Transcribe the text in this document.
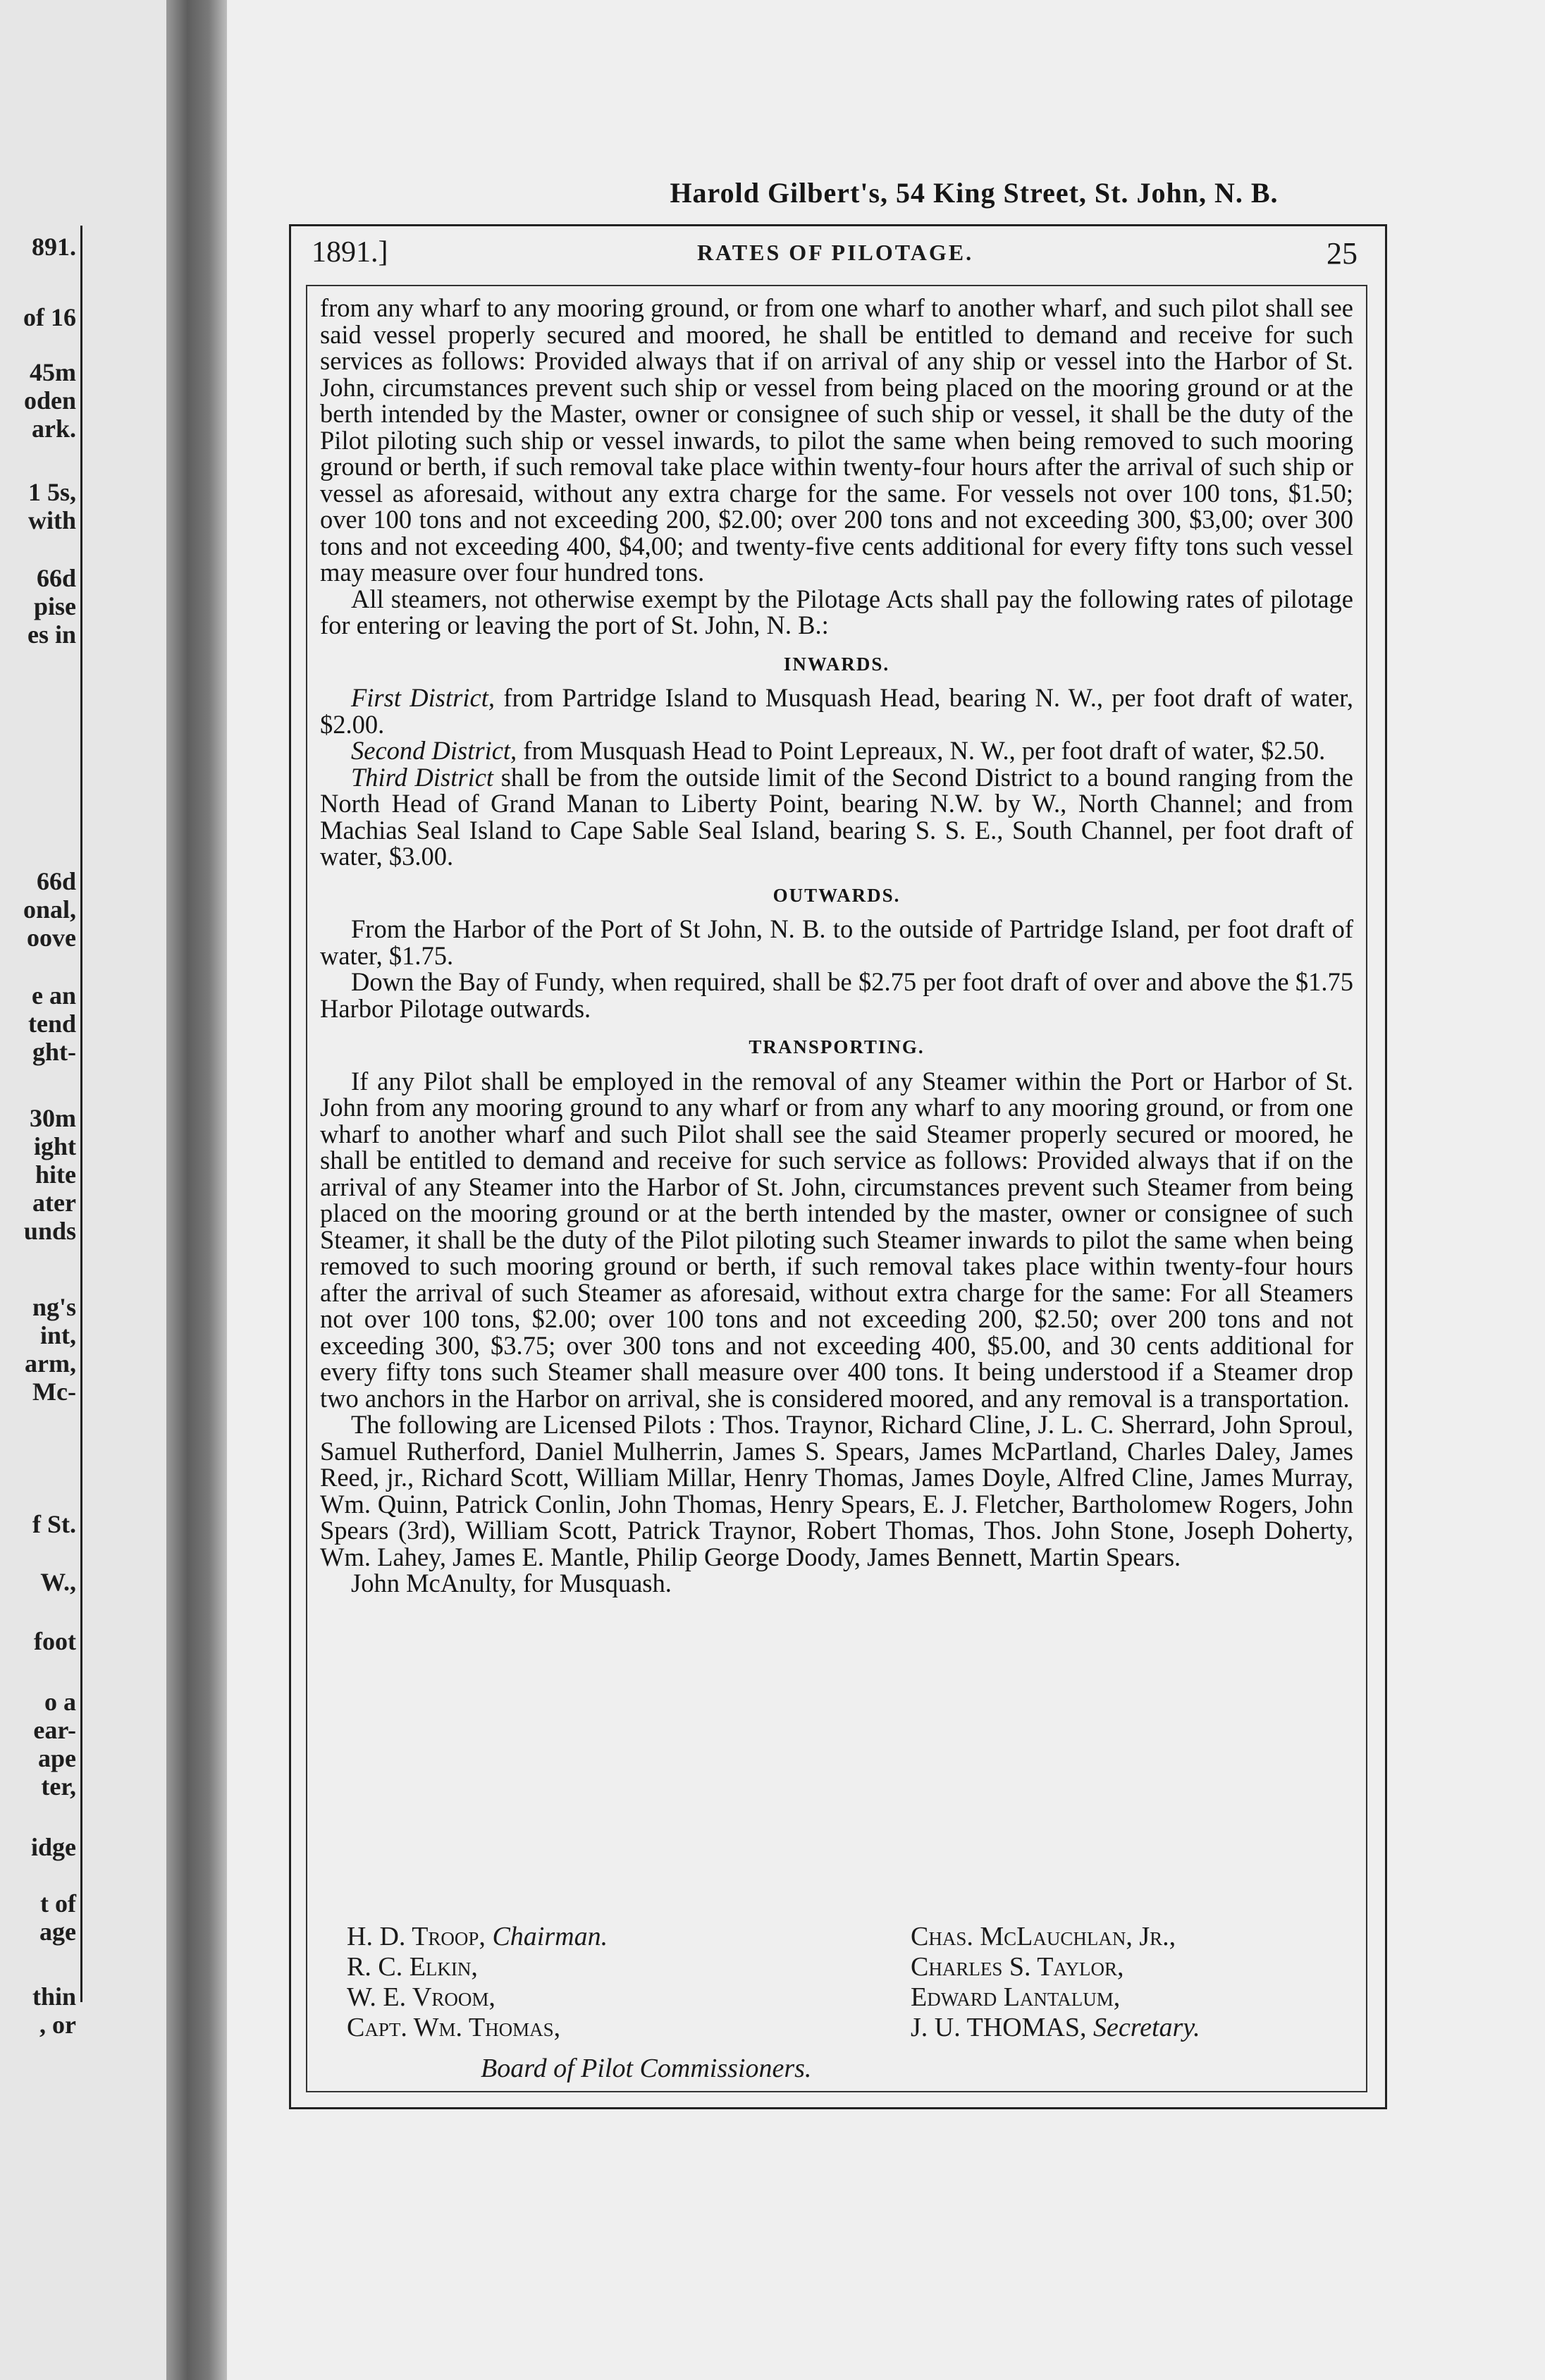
891.
of 16
45m
oden
ark.
1 5s,
with
66d
pise
es in
66d
onal,
oove
e an
tend
ght-
30m
ight
hite
ater
unds
ng's
int,
arm,
Mc-
f St.
W.,
foot
o a
ear-
ape
ter,
idge
t of
age
thin
, or
Harold Gilbert's, 54 King Street, St. John, N. B.
1891.]	RATES OF PILOTAGE.	25

from any wharf to any mooring ground, or from one wharf to another wharf, and such pilot shall see said vessel properly secured and moored, he shall be entitled to demand and receive for such services as follows: Provided always that if on arrival of any ship or vessel into the Harbor of St. John, circumstances prevent such ship or vessel from being placed on the mooring ground or at the berth intended by the Master, owner or consignee of such ship or vessel, it shall be the duty of the Pilot piloting such ship or vessel inwards, to pilot the same when being removed to such mooring ground or berth, if such removal take place within twenty-four hours after the arrival of such ship or vessel as aforesaid, without any extra charge for the same. For vessels not over 100 tons, $1.50; over 100 tons and not exceeding 200, $2.00; over 200 tons and not exceeding 300, $3,00; over 300 tons and not exceeding 400, $4,00; and twenty-five cents additional for every fifty tons such vessel may measure over four hundred tons.

All steamers, not otherwise exempt by the Pilotage Acts shall pay the following rates of pilotage for entering or leaving the port of St. John, N. B.:

INWARDS.

First District, from Partridge Island to Musquash Head, bearing N. W., per foot draft of water, $2.00.

Second District, from Musquash Head to Point Lepreaux, N. W., per foot draft of water, $2.50.

Third District shall be from the outside limit of the Second District to a bound ranging from the North Head of Grand Manan to Liberty Point, bearing N.W. by W., North Channel; and from Machias Seal Island to Cape Sable Seal Island, bearing S. S. E., South Channel, per foot draft of water, $3.00.

OUTWARDS.

From the Harbor of the Port of St John, N. B. to the outside of Partridge Island, per foot draft of water, $1.75.

Down the Bay of Fundy, when required, shall be $2.75 per foot draft of over and above the $1.75 Harbor Pilotage outwards.

TRANSPORTING.

If any Pilot shall be employed in the removal of any Steamer within the Port or Harbor of St. John from any mooring ground to any wharf or from any wharf to any mooring ground, or from one wharf to another wharf and such Pilot shall see the said Steamer properly secured or moored, he shall be entitled to demand and receive for such service as follows: Provided always that if on the arrival of any Steamer into the Harbor of St. John, circumstances prevent such Steamer from being placed on the mooring ground or at the berth intended by the master, owner or consignee of such Steamer, it shall be the duty of the Pilot piloting such Steamer inwards to pilot the same when being removed to such mooring ground or berth, if such removal takes place within twenty-four hours after the arrival of such Steamer as aforesaid, without extra charge for the same: For all Steamers not over 100 tons, $2.00; over 100 tons and not exceeding 200, $2.50; over 200 tons and not exceeding 300, $3.75; over 300 tons and not exceeding 400, $5.00, and 30 cents additional for every fifty tons such Steamer shall measure over 400 tons. It being understood if a Steamer drop two anchors in the Harbor on arrival, she is considered moored, and any removal is a transportation.

The following are Licensed Pilots : Thos. Traynor, Richard Cline, J. L. C. Sherrard, John Sproul, Samuel Rutherford, Daniel Mulherrin, James S. Spears, James McPartland, Charles Daley, James Reed, jr., Richard Scott, William Millar, Henry Thomas, James Doyle, Alfred Cline, James Murray, Wm. Quinn, Patrick Conlin, John Thomas, Henry Spears, E. J. Fletcher, Bartholomew Rogers, John Spears (3rd), William Scott, Patrick Traynor, Robert Thomas, Thos. John Stone, Joseph Doherty, Wm. Lahey, James E. Mantle, Philip George Doody, James Bennett, Martin Spears.

John McAnulty, for Musquash.

H. D. Troop, Chairman.
R. C. Elkin,
W. E. Vroom,
Capt. Wm. Thomas,
Chas. McLauchlan, Jr.,
Charles S. Taylor,
Edward Lantalum,
J. U. THOMAS, Secretary.
Board of Pilot Commissioners.
